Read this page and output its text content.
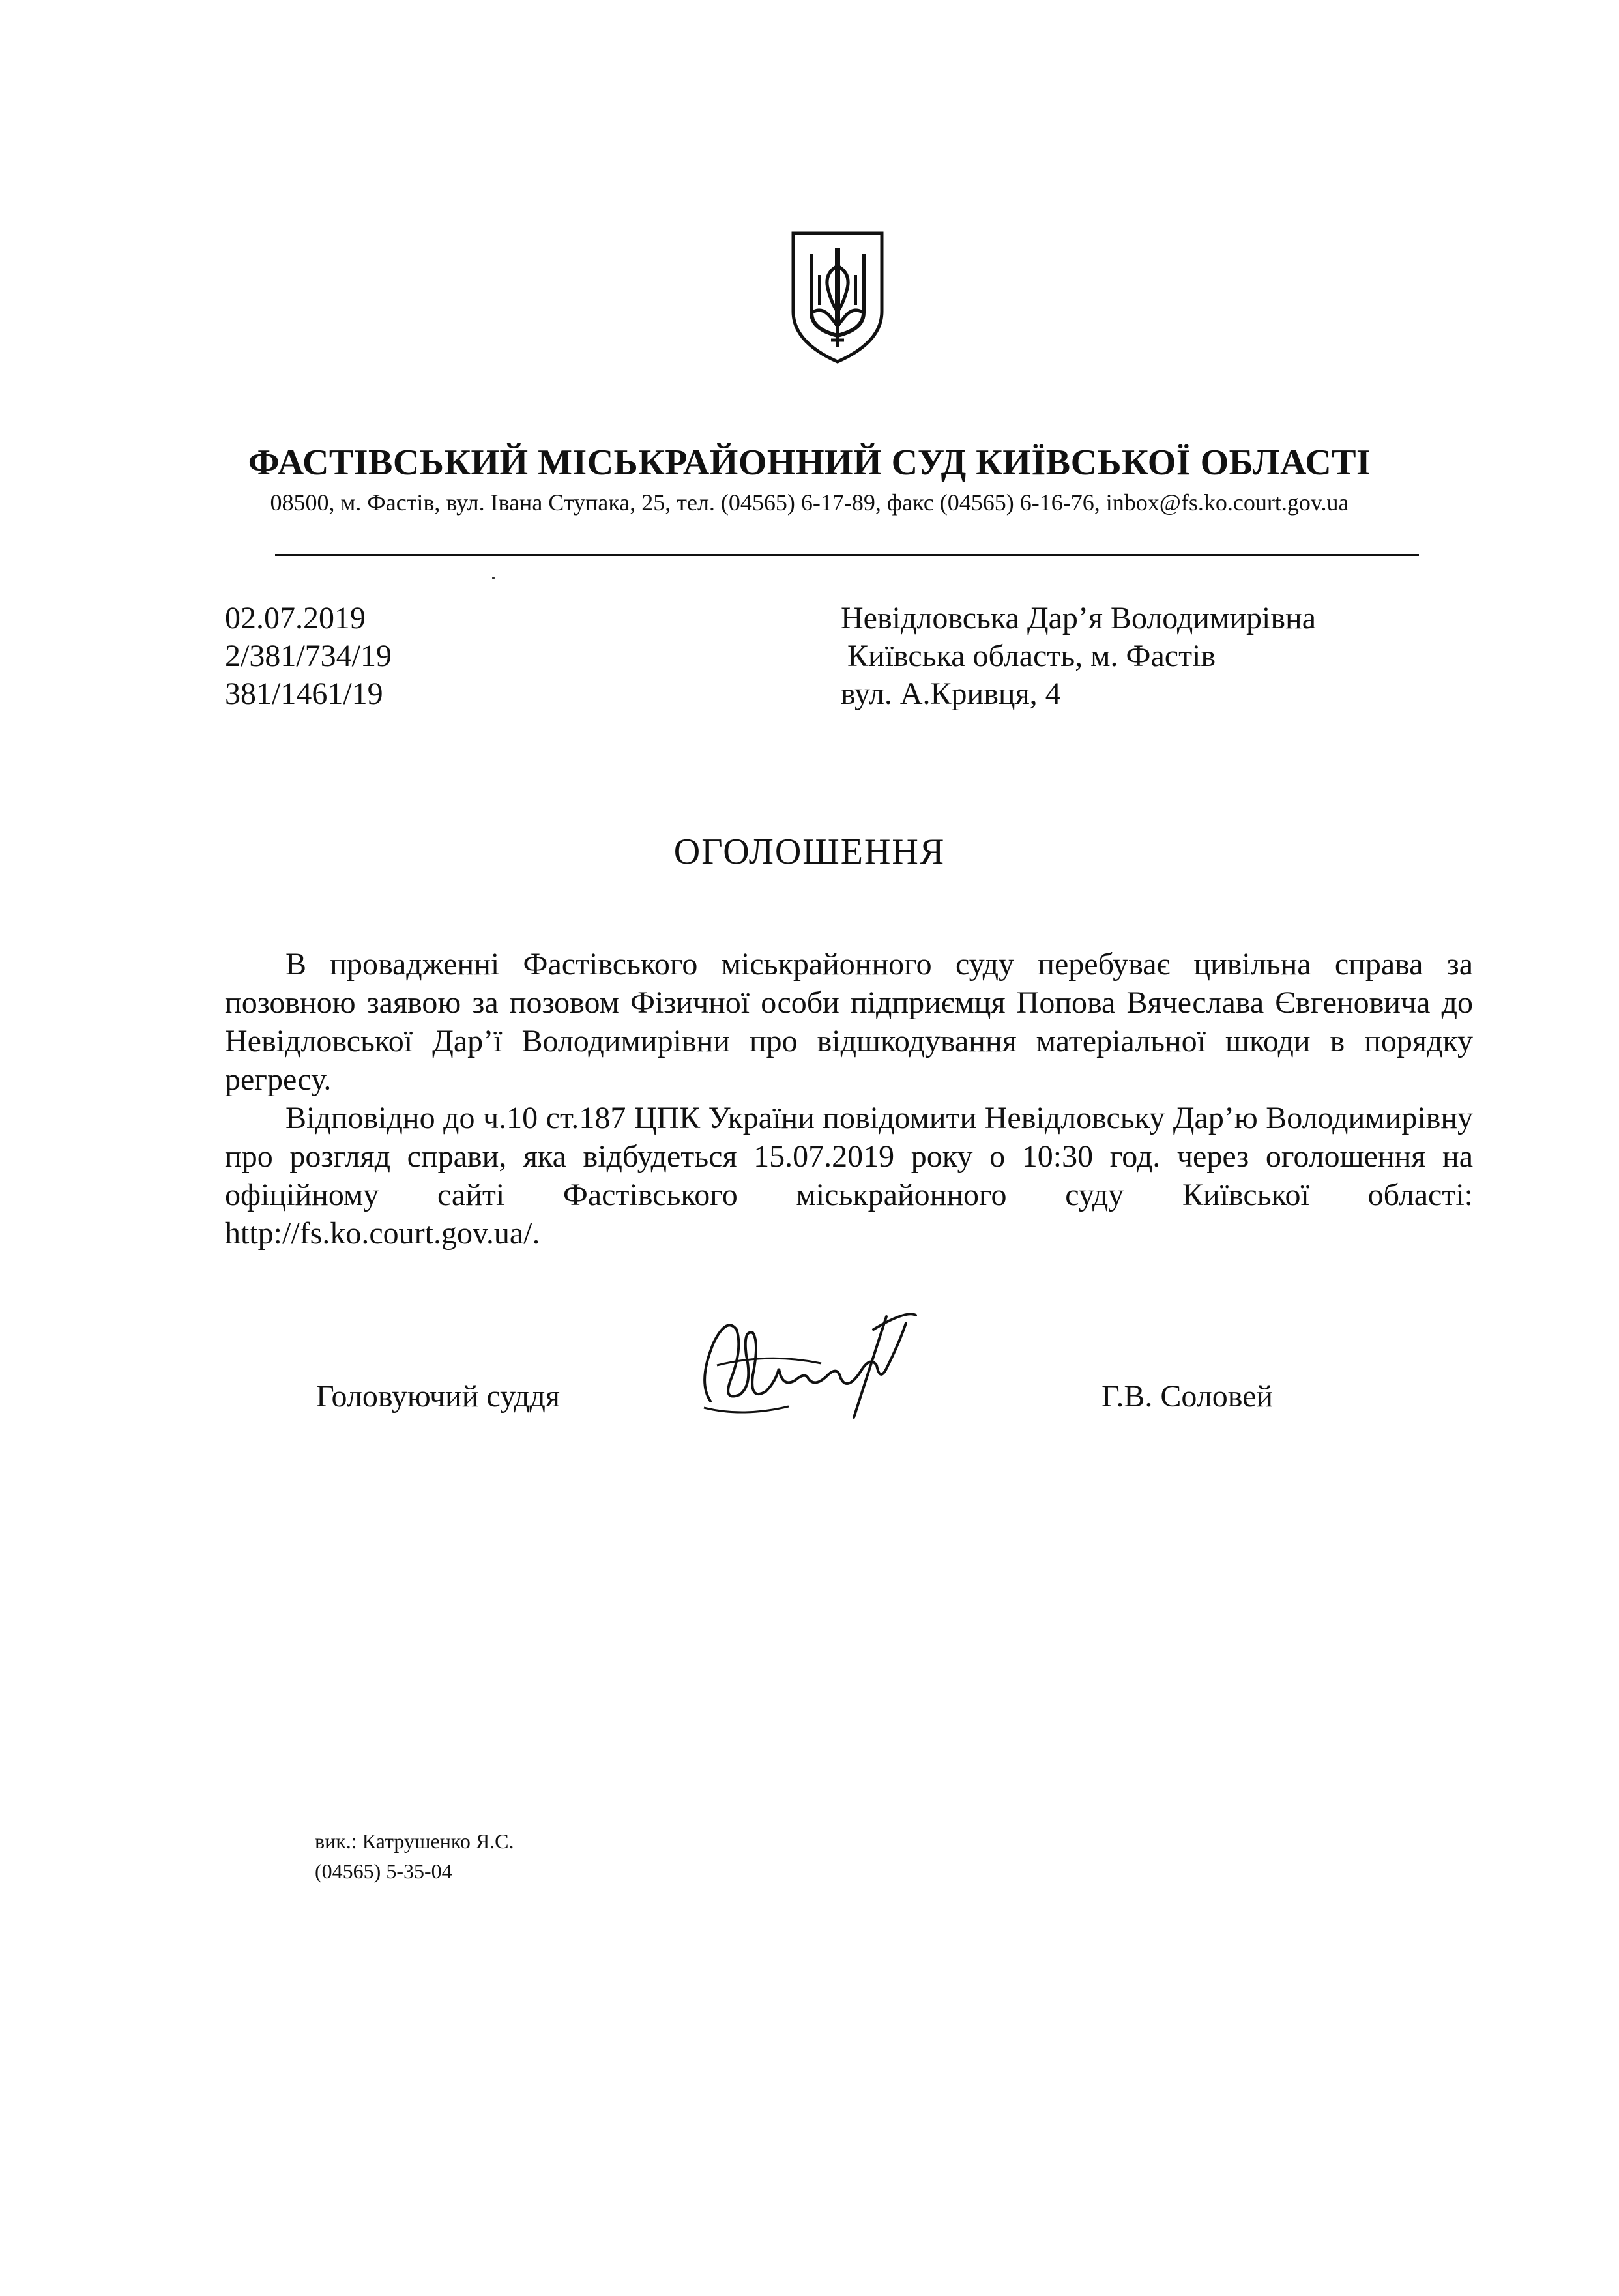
ФАСТІВСЬКИЙ МІСЬКРАЙОННИЙ СУД КИЇВСЬКОЇ ОБЛАСТІ
08500, м. Фастів, вул. Івана Ступака, 25, тел. (04565) 6-17-89, факс (04565) 6-16-76, inbox@fs.ko.court.gov.ua
02.07.2019
2/381/734/19
381/1461/19
Невідловська Дар’я Володимирівна
Київська область, м. Фастів
вул. А.Кривця, 4
ОГОЛОШЕННЯ

В провадженні Фастівського міськрайонного суду перебуває цивільна справа за позовною заявою за позовом Фізичної особи підприємця Попова Вячеслава Євгеновича до Невідловської Дар’ї Володимирівни про відшкодування матеріальної шкоди в порядку регресу.

Відповідно до ч.10 ст.187 ЦПК України повідомити Невідловську Дар’ю Володимирівну про розгляд справи, яка відбудеться 15.07.2019 року о 10:30 год. через оголошення на офіційному сайті Фастівського міськрайонного суду Київської області: http://fs.ko.court.gov.ua/.

Головуючий суддя	Г.В. Соловей
вик.: Катрушенко Я.С.
(04565) 5-35-04
